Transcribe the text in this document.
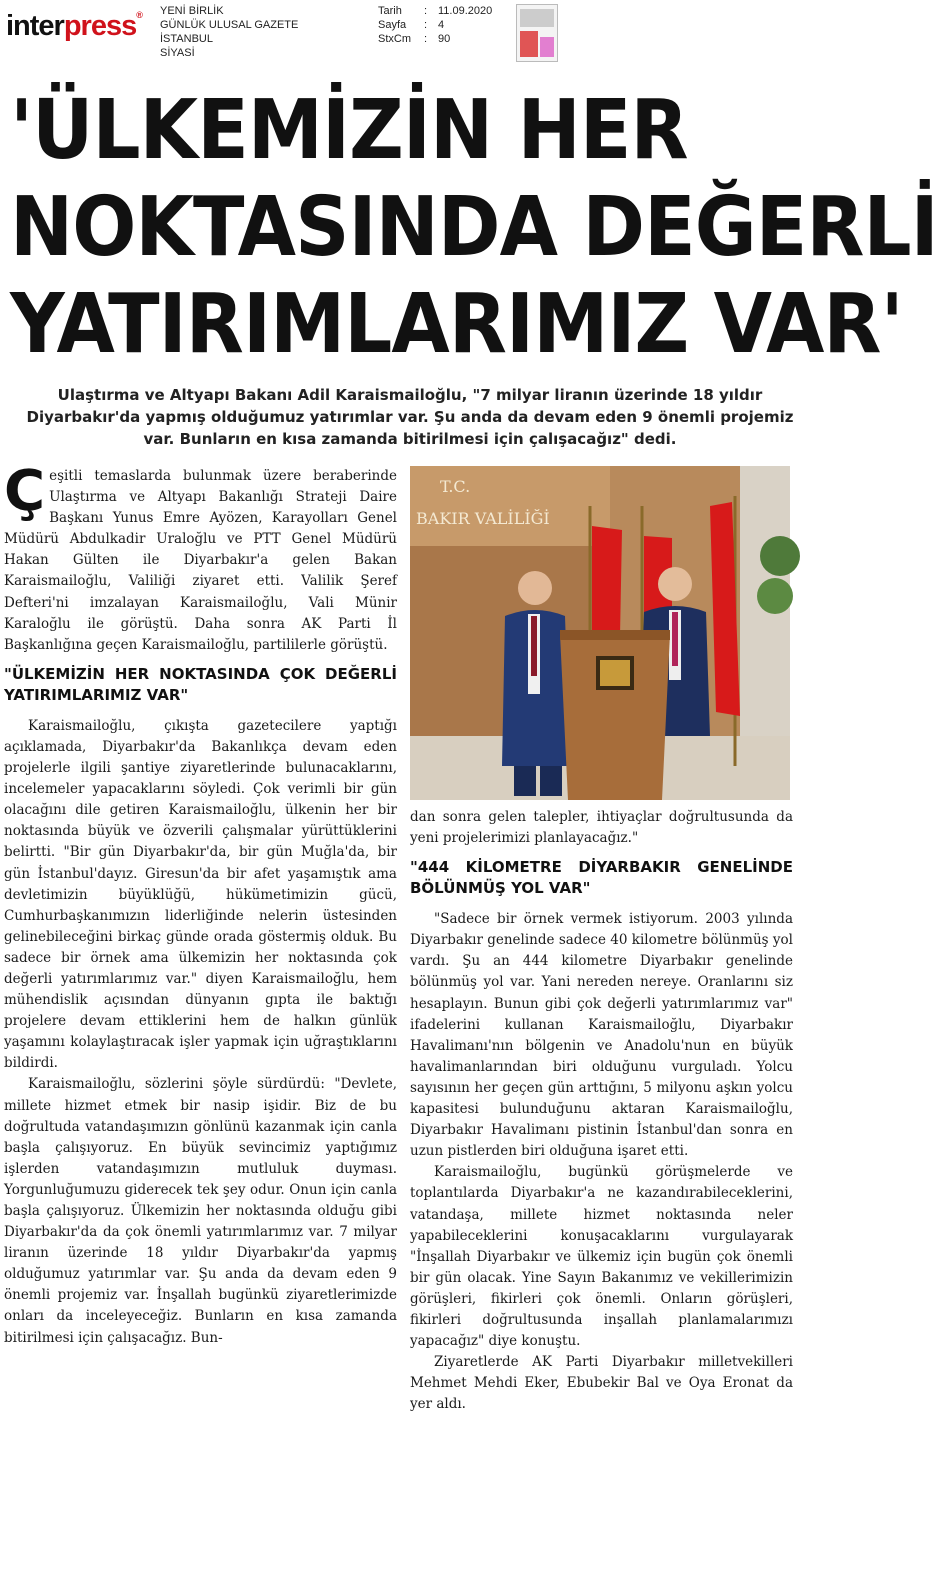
interpress® YENİ BİRLİK
GÜNLÜK ULUSAL GAZETE
İSTANBUL
SİYASİ
Tarih	: 11.09.2020
Sayfa	: 4
StxCm	: 90
'ÜLKEMİZİN HER
NOKTASINDA DEĞERLİ
YATIRIMLARIMIZ VAR'
Ulaştırma ve Altyapı Bakanı Adil Karaismailoğlu, "7 milyar liranın üzerinde 18 yıldır Diyarbakır'da yapmış olduğumuz yatırımlar var. Şu anda da devam eden 9 önemli projemiz var. Bunların en kısa zamanda bitirilmesi için çalışacağız" dedi.

Çeşitli temaslarda bulunmak üzere beraberinde Ulaştırma ve Altyapı Bakanlığı Strateji Daire Başkanı Yunus Emre Ayözen, Karayolları Genel Müdürü Abdulkadir Uraloğlu ve PTT Genel Müdürü Hakan Gülten ile Diyarbakır'a gelen Bakan Karaismailoğlu, Valiliği ziyaret etti. Valilik Şeref Defteri'ni imzalayan Karaismailoğlu, Vali Münir Karaloğlu ile görüştü. Daha sonra AK Parti İl Başkanlığına geçen Karaismailoğlu, partililerle görüştü.

"ÜLKEMİZİN HER NOKTASINDA ÇOK DEĞERLİ YATIRIMLARIMIZ VAR"

Karaismailoğlu, çıkışta gazetecilere yaptığı açıklamada, Diyarbakır'da Bakanlıkça devam eden projelerle ilgili şantiye ziyaretlerinde bulunacaklarını, incelemeler yapacaklarını söyledi. Çok verimli bir gün olacağını dile getiren Karaismailoğlu, ülkenin her bir noktasında büyük ve özverili çalışmalar yürüttüklerini belirtti. "Bir gün Diyarbakır'da, bir gün Muğla'da, bir gün İstanbul'dayız. Giresun'da bir afet yaşamıştık ama devletimizin büyüklüğü, hükümetimizin gücü, Cumhurbaşkanımızın liderliğinde nelerin üstesinden gelinebileceğini birkaç günde orada göstermiş olduk. Bu sadece bir örnek ama ülkemizin her noktasında çok değerli yatırımlarımız var." diyen Karaismailoğlu, hem mühendislik açısından dünyanın gıpta ile baktığı projelere devam ettiklerini hem de halkın günlük yaşamını kolaylaştıracak işler yapmak için uğraştıklarını bildirdi.

Karaismailoğlu, sözlerini şöyle sürdürdü: "Devlete, millete hizmet etmek bir nasip işidir. Biz de bu doğrultuda vatandaşımızın gönlünü kazanmak için canla başla çalışıyoruz. En büyük sevincimiz yaptığımız işlerden vatandaşımızın mutluluk duyması. Yorgunluğumuzu giderecek tek şey odur. Onun için canla başla çalışıyoruz. Ülkemizin her noktasında olduğu gibi Diyarbakır'da da çok önemli yatırımlarımız var. 7 milyar liranın üzerinde 18 yıldır Diyarbakır'da yapmış olduğumuz yatırımlar var. Şu anda da devam eden 9 önemli projemiz var. İnşallah bugünkü ziyaretlerimizde onları da inceleyeceğiz. Bunların en kısa zamanda bitirilmesi için çalışacağız. Bun-

T.C.
BAKIR VALİLİĞİ

dan sonra gelen talepler, ihtiyaçlar doğrultusunda da yeni projelerimizi planlayacağız."

"444 KİLOMETRE DİYARBAKIR GENELİNDE BÖLÜNMÜŞ YOL VAR"

"Sadece bir örnek vermek istiyorum. 2003 yılında Diyarbakır genelinde sadece 40 kilometre bölünmüş yol vardı. Şu an 444 kilometre Diyarbakır genelinde bölünmüş yol var. Yani nereden nereye. Oranlarını siz hesaplayın. Bunun gibi çok değerli yatırımlarımız var" ifadelerini kullanan Karaismailoğlu, Diyarbakır Havalimanı'nın bölgenin ve Anadolu'nun en büyük havalimanlarından biri olduğunu vurguladı. Yolcu sayısının her geçen gün arttığını, 5 milyonu aşkın yolcu kapasitesi bulunduğunu aktaran Karaismailoğlu, Diyarbakır Havalimanı pistinin İstanbul'dan sonra en uzun pistlerden biri olduğuna işaret etti.

Karaismailoğlu, bugünkü görüşmelerde ve toplantılarda Diyarbakır'a ne kazandırabileceklerini, vatandaşa, millete hizmet noktasında neler yapabileceklerini konuşacaklarını vurgulayarak "İnşallah Diyarbakır ve ülkemiz için bugün çok önemli bir gün olacak. Yine Sayın Bakanımız ve vekillerimizin görüşleri, fikirleri çok önemli. Onların görüşleri, fikirleri doğrultusunda inşallah planlamalarımızı yapacağız" diye konuştu.

Ziyaretlerde AK Parti Diyarbakır milletvekilleri Mehmet Mehdi Eker, Ebubekir Bal ve Oya Eronat da yer aldı.
